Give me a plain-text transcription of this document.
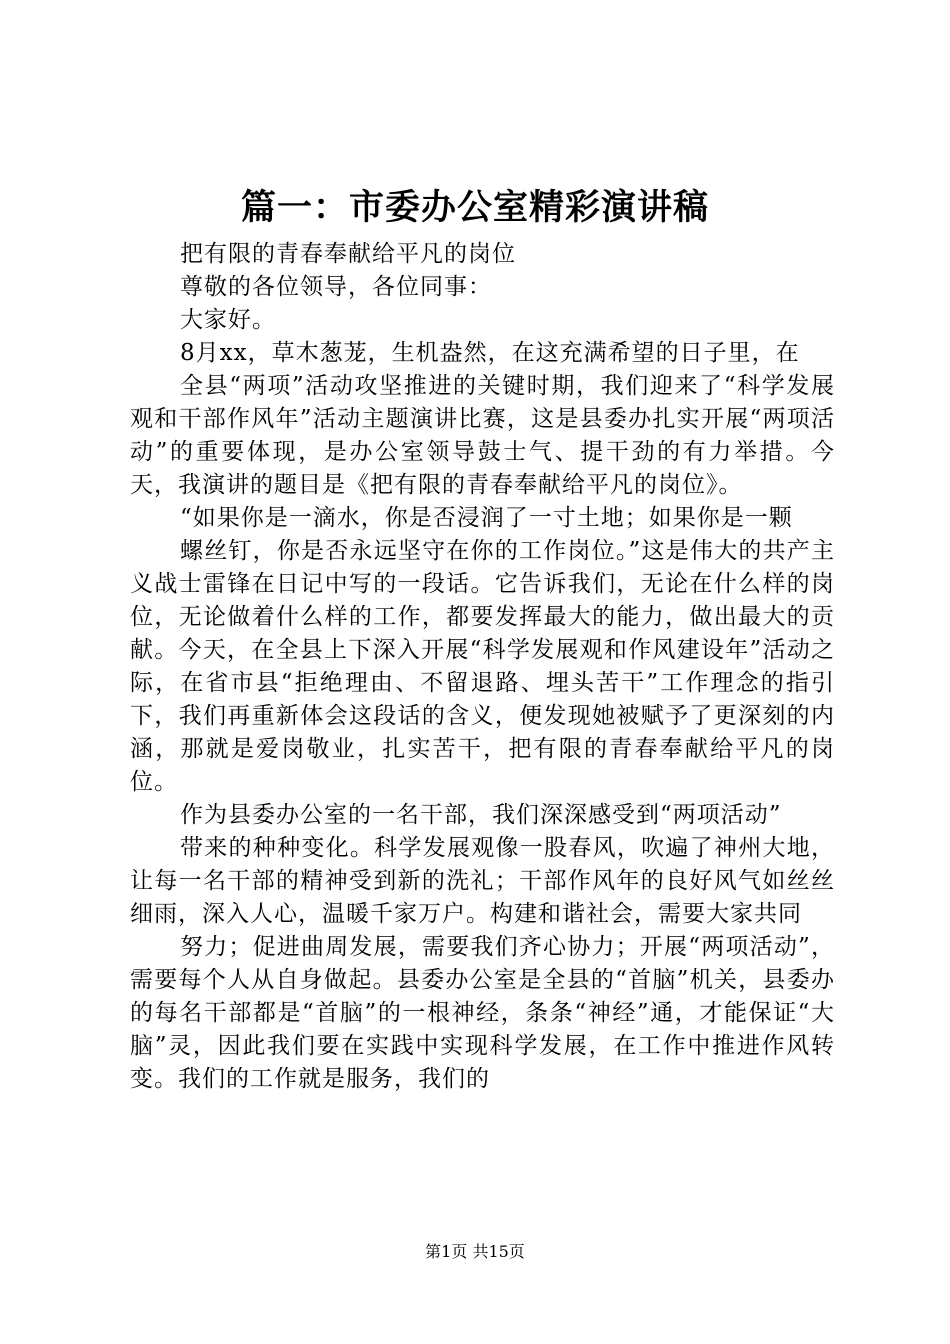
篇一：市委办公室精彩演讲稿

把有限的青春奉献给平凡的岗位

尊敬的各位领导，各位同事：

大家好。

8月xx，草木葱茏，生机盎然，在这充满希望的日子里，在

全县“两项”活动攻坚推进的关键时期，我们迎来了“科学发展观和干部作风年”活动主题演讲比赛，这是县委办扎实开展“两项活动”的重要体现，是办公室领导鼓士气、提干劲的有力举措。今天，我演讲的题目是《把有限的青春奉献给平凡的岗位》。

“如果你是一滴水，你是否浸润了一寸土地；如果你是一颗

螺丝钉，你是否永远坚守在你的工作岗位。”这是伟大的共产主义战士雷锋在日记中写的一段话。它告诉我们，无论在什么样的岗位，无论做着什么样的工作，都要发挥最大的能力，做出最大的贡献。今天，在全县上下深入开展“科学发展观和作风建设年”活动之际，在省市县“拒绝理由、不留退路、埋头苦干”工作理念的指引下，我们再重新体会这段话的含义，便发现她被赋予了更深刻的内涵，那就是爱岗敬业，扎实苦干，把有限的青春奉献给平凡的岗位。

作为县委办公室的一名干部，我们深深感受到“两项活动”

带来的种种变化。科学发展观像一股春风，吹遍了神州大地，让每一名干部的精神受到新的洗礼；干部作风年的良好风气如丝丝细雨，深入人心，温暖千家万户。构建和谐社会，需要大家共同

努力；促进曲周发展，需要我们齐心协力；开展“两项活动”，需要每个人从自身做起。县委办公室是全县的“首脑”机关，县委办的每名干部都是“首脑”的一根神经，条条“神经”通，才能保证“大脑”灵，因此我们要在实践中实现科学发展，在工作中推进作风转变。我们的工作就是服务，我们的

第1页 共15页
